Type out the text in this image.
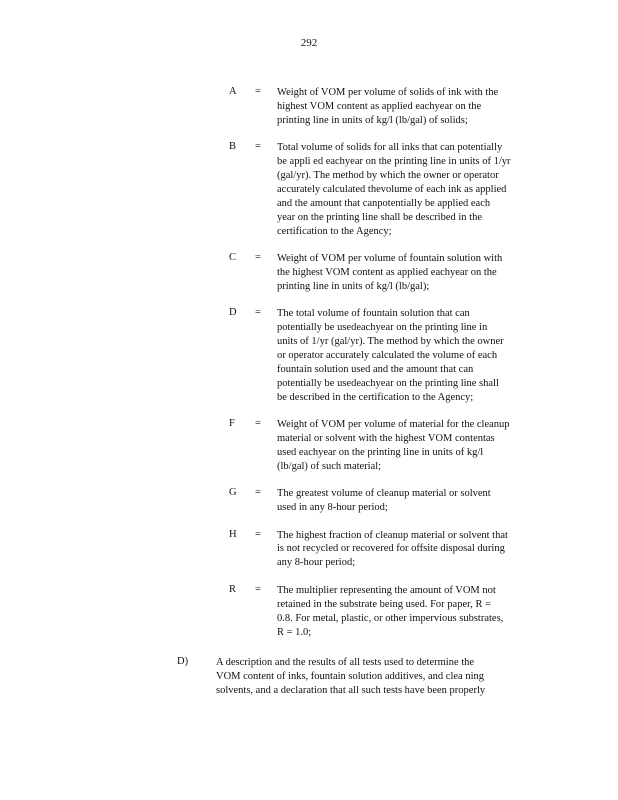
292
A	=	Weight of VOM per volume of solids of ink with the
highest VOM content as applied eachyear on the
printing line in units of kg/l (lb/gal) of solids;
B	=	Total volume of solids for all inks that can potentially
be appli ed eachyear on the printing line in units of 1/yr
(gal/yr). The method by which the owner or operator
accurately calculated thevolume of each ink as applied
and the amount that canpotentially be applied each
year on the printing line shall be described in the
certification to the Agency;
C	=	Weight of VOM per volume of fountain solution with
the highest VOM content as applied eachyear on the
printing line in units of kg/l (lb/gal);
D	=	The total volume of fountain solution that can
potentially be usedeachyear on the printing line in
units of 1/yr (gal/yr). The method by which the owner
or operator accurately calculated the volume of each
fountain solution used and the amount that can
potentially be usedeachyear on the printing line shall
be described in the certification to the Agency;
F	=	Weight of VOM per volume of material for the cleanup
material or solvent with the highest VOM contentas
used eachyear on the printing line in units of kg/l
(lb/gal) of such material;
G	=	The greatest volume of cleanup material or solvent
used in any 8-hour period;
H	=	The highest fraction of cleanup material or solvent that
is not recycled or recovered for offsite disposal during
any 8-hour period;
R	=	The multiplier representing the amount of VOM not
retained in the substrate being used. For paper, R =
0.8. For metal, plastic, or other impervious substrates,
R = 1.0;
D)	A description and the results of all tests used to determine the
VOM content of inks, fountain solution additives, and clea ning
solvents, and a declaration that all such tests have been properly
